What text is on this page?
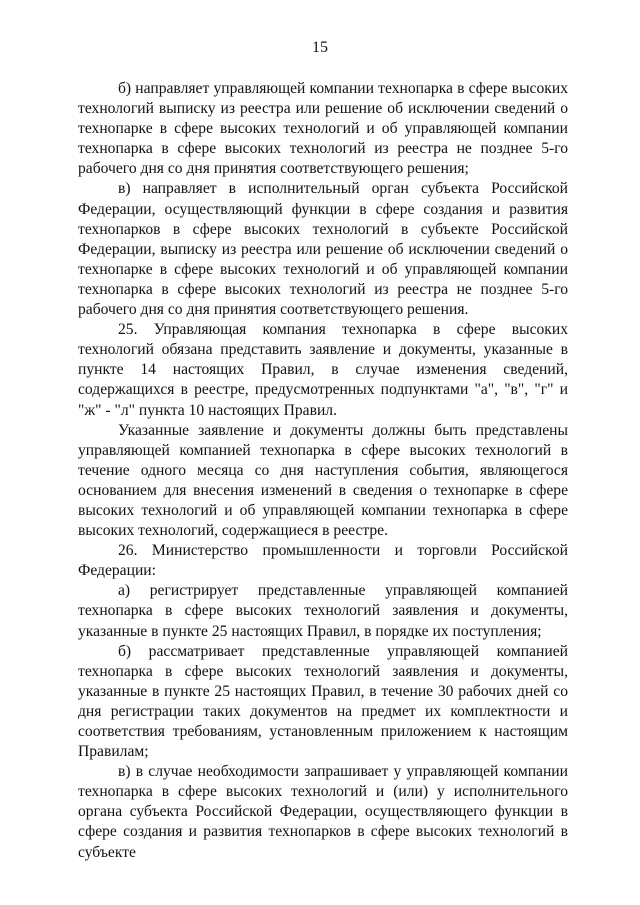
15

б) направляет управляющей компании технопарка в сфере высоких технологий выписку из реестра или решение об исключении сведений о технопарке в сфере высоких технологий и об управляющей компании технопарка в сфере высоких технологий из реестра не позднее 5-го рабочего дня со дня принятия соответствующего решения;

в) направляет в исполнительный орган субъекта Российской Федерации, осуществляющий функции в сфере создания и развития технопарков в сфере высоких технологий в субъекте Российской Федерации, выписку из реестра или решение об исключении сведений о технопарке в сфере высоких технологий и об управляющей компании технопарка в сфере высоких технологий из реестра не позднее 5-го рабочего дня со дня принятия соответствующего решения.

25. Управляющая компания технопарка в сфере высоких технологий обязана представить заявление и документы, указанные в пункте 14 настоящих Правил, в случае изменения сведений, содержащихся в реестре, предусмотренных подпунктами "а", "в", "г" и "ж" - "л" пункта 10 настоящих Правил.

Указанные заявление и документы должны быть представлены управляющей компанией технопарка в сфере высоких технологий в течение одного месяца со дня наступления события, являющегося основанием для внесения изменений в сведения о технопарке в сфере высоких технологий и об управляющей компании технопарка в сфере высоких технологий, содержащиеся в реестре.

26. Министерство промышленности и торговли Российской Федерации:

а) регистрирует представленные управляющей компанией технопарка в сфере высоких технологий заявления и документы, указанные в пункте 25 настоящих Правил, в порядке их поступления;

б) рассматривает представленные управляющей компанией технопарка в сфере высоких технологий заявления и документы, указанные в пункте 25 настоящих Правил, в течение 30 рабочих дней со дня регистрации таких документов на предмет их комплектности и соответствия требованиям, установленным приложением к настоящим Правилам;

в) в случае необходимости запрашивает у управляющей компании технопарка в сфере высоких технологий и (или) у исполнительного органа субъекта Российской Федерации, осуществляющего функции в сфере создания и развития технопарков в сфере высоких технологий в субъекте
